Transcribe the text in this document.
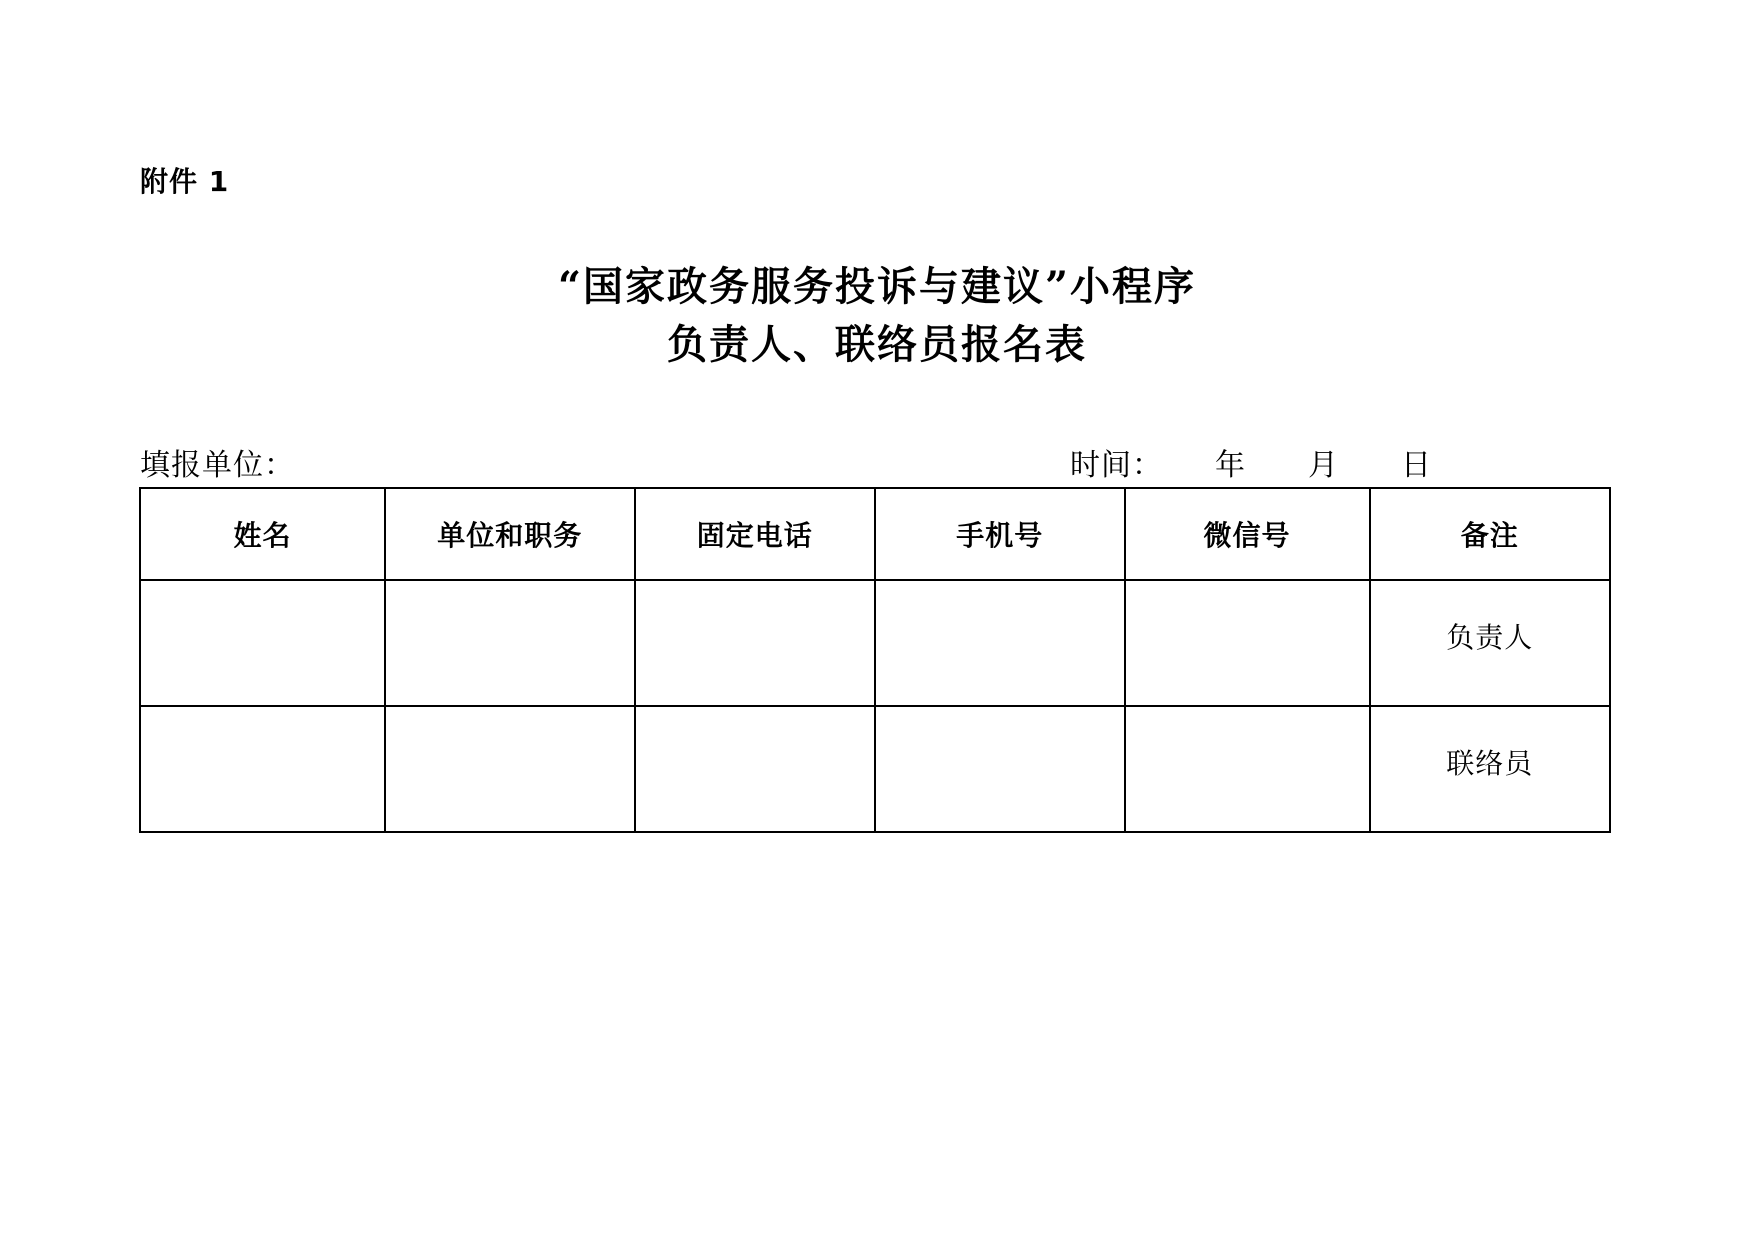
附件 1
“国家政务服务投诉与建议”小程序
负责人、联络员报名表
填报单位：	时间： 年 月 日
姓名	单位和职务	固定电话	手机号	微信号	备注
					负责人
					联络员
